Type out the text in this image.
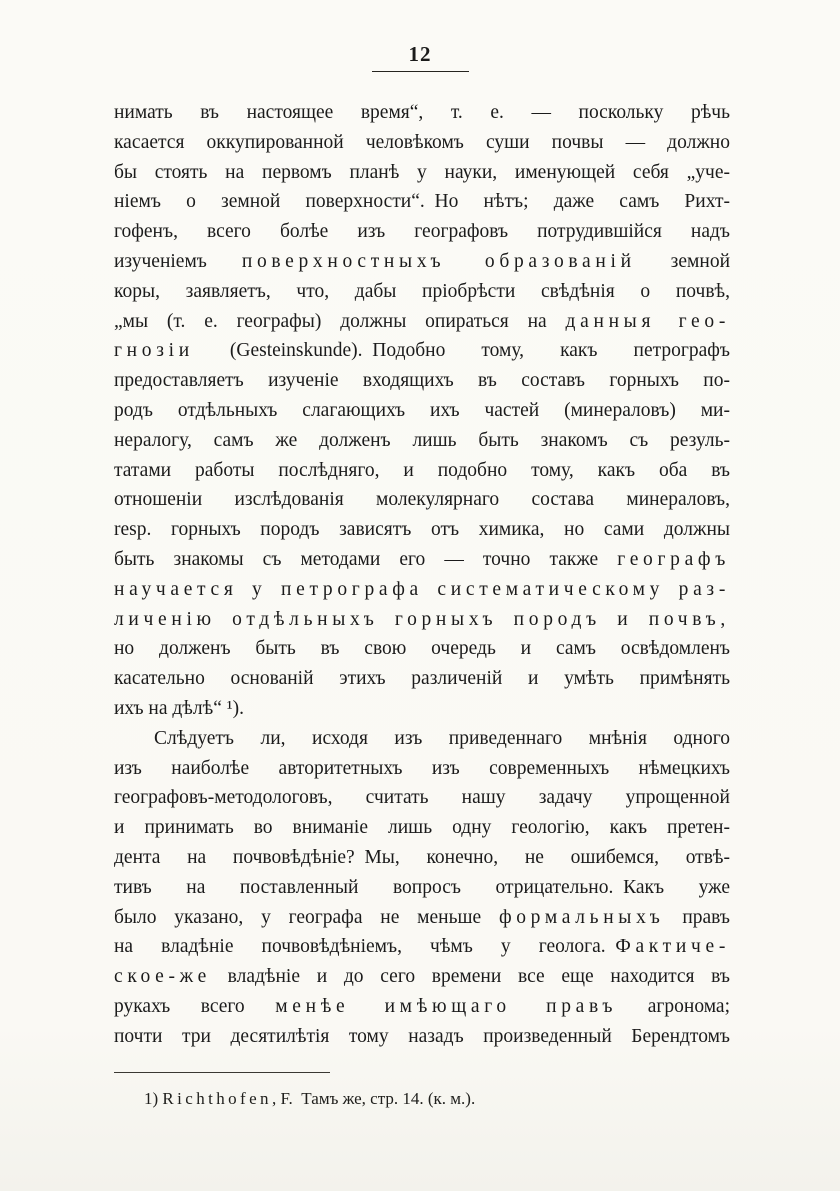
12
нимать въ настоящее время“, т. е. — поскольку рѣчь
касается оккупированной человѣкомъ суши почвы — должно
бы стоять на первомъ планѣ у науки, именующей себя „уче-
ніемъ о земной поверхности“. Но нѣтъ; даже самъ Рихт-
гофенъ, всего болѣе изъ географовъ потрудившійся надъ
изученіемъ поверхностныхъ образованій земной
коры, заявляетъ, что, дабы пріобрѣсти свѣдѣнія о почвѣ,
„мы (т. е. географы) должны опираться на данныя гео-
гнозіи (Gesteinskunde). Подобно тому, какъ петрографъ
предоставляетъ изученіе входящихъ въ составъ горныхъ по-
родъ отдѣльныхъ слагающихъ ихъ частей (минераловъ) ми-
нералогу, самъ же долженъ лишь быть знакомъ съ резуль-
татами работы послѣдняго, и подобно тому, какъ оба въ
отношеніи изслѣдованія молекулярнаго состава минераловъ,
resp. горныхъ породъ зависятъ отъ химика, но сами должны
быть знакомы съ методами его — точно также географъ
научается у петрографа систематическому раз-
личенію отдѣльныхъ горныхъ породъ и почвъ,
но долженъ быть въ свою очередь и самъ освѣдомленъ
касательно основаній этихъ различеній и умѣть примѣнять
ихъ на дѣлѣ“ ¹).
Слѣдуетъ ли, исходя изъ приведеннаго мнѣнія одного
изъ наиболѣе авторитетныхъ изъ современныхъ нѣмецкихъ
географовъ-методологовъ, считать нашу задачу упрощенной
и принимать во вниманіе лишь одну геологію, какъ претен-
дента на почвовѣдѣніе? Мы, конечно, не ошибемся, отвѣ-
тивъ на поставленный вопросъ отрицательно. Какъ уже
было указано, у географа не меньше формальныхъ правъ
на владѣніе почвовѣдѣніемъ, чѣмъ у геолога. Фактиче-
ское-же владѣніе и до сего времени все еще находится въ
рукахъ всего менѣе имѣющаго правъ агронома;
почти три десятилѣтія тому назадъ произведенный Берендтомъ
1) Richthofen, F. Тамъ же, стр. 14. (к. м.).
